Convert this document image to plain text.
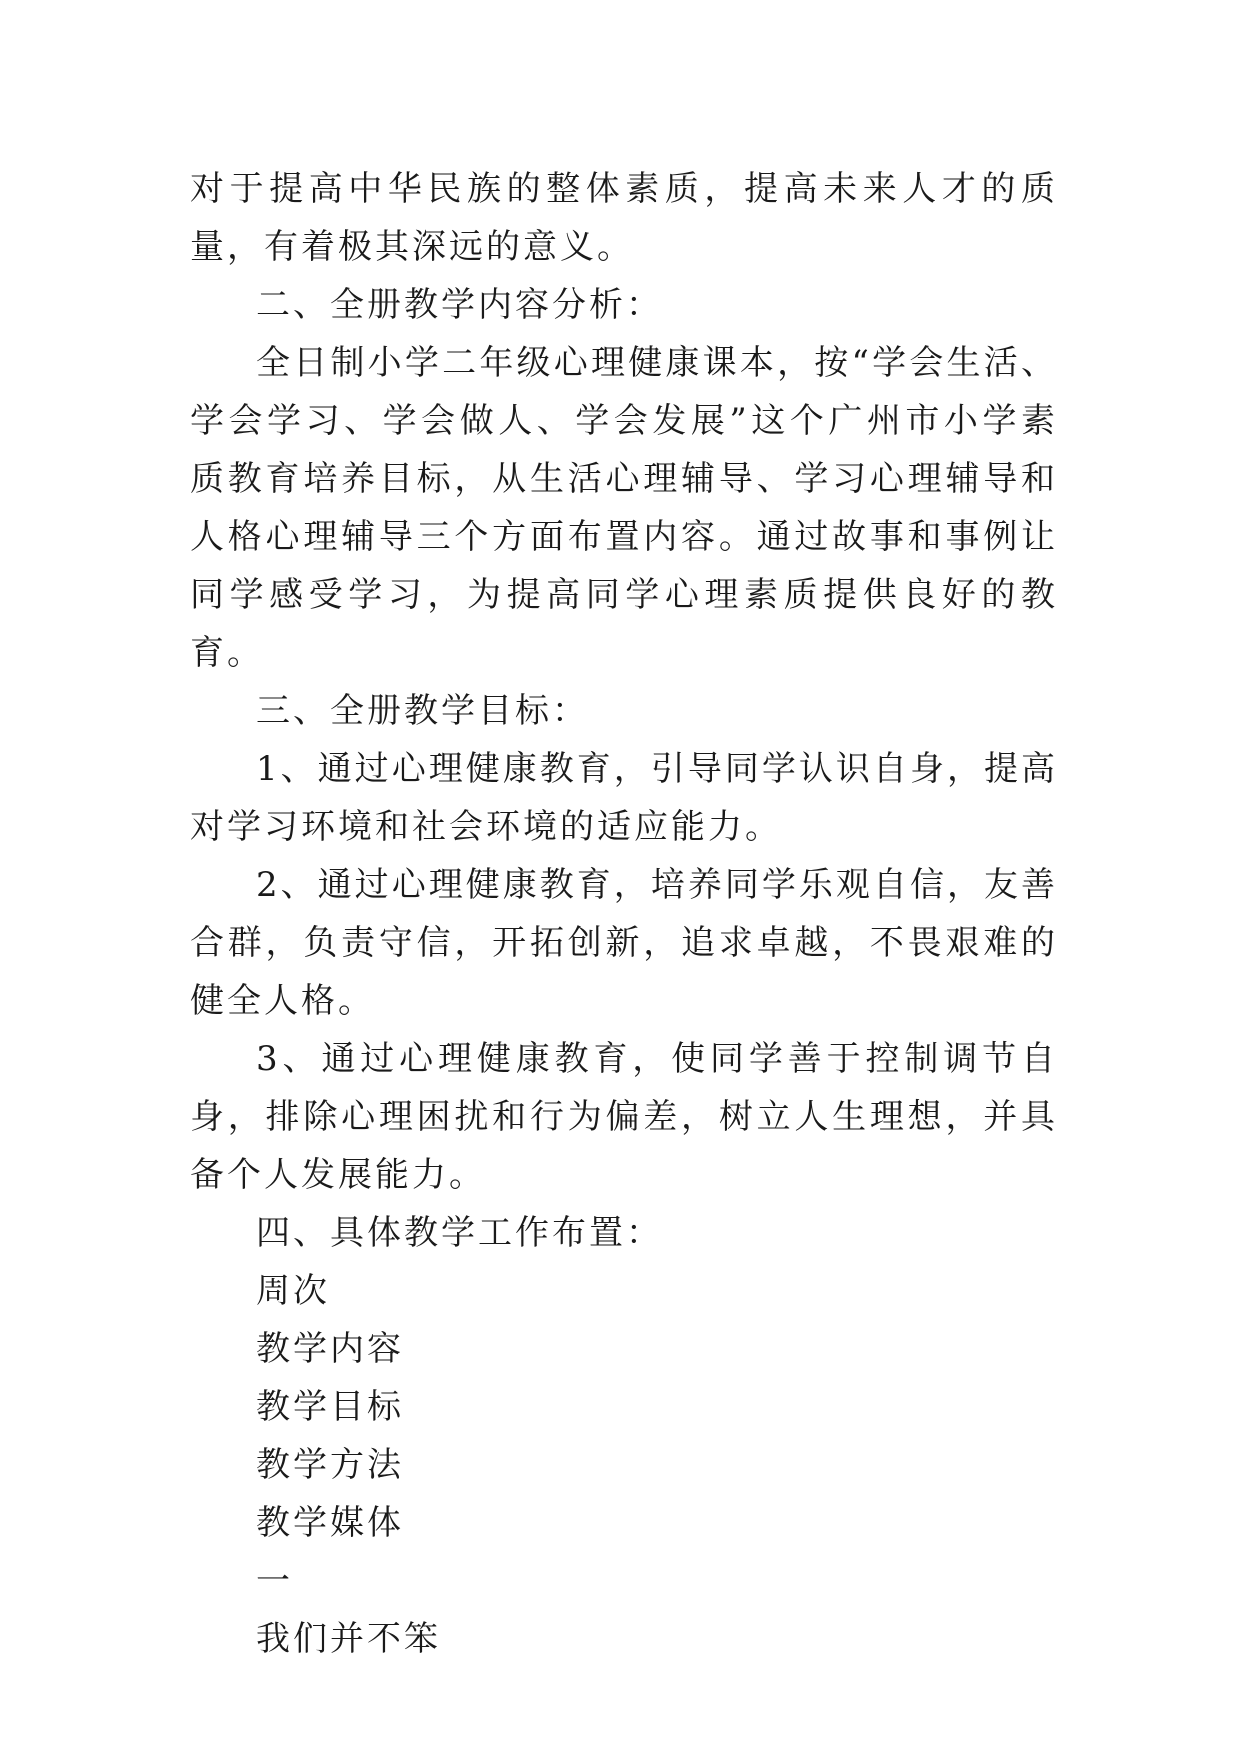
对于提高中华民族的整体素质，提高未来人才的质量，有着极其深远的意义。

二、全册教学内容分析：

全日制小学二年级心理健康课本，按“学会生活、学会学习、学会做人、学会发展”这个广州市小学素质教育培养目标，从生活心理辅导、学习心理辅导和人格心理辅导三个方面布置内容。通过故事和事例让同学感受学习，为提高同学心理素质提供良好的教育。

三、全册教学目标：

1、通过心理健康教育，引导同学认识自身，提高对学习环境和社会环境的适应能力。

2、通过心理健康教育，培养同学乐观自信，友善合群，负责守信，开拓创新，追求卓越，不畏艰难的健全人格。

3、通过心理健康教育，使同学善于控制调节自身，排除心理困扰和行为偏差，树立人生理想，并具备个人发展能力。

四、具体教学工作布置：

周次

教学内容

教学目标

教学方法

教学媒体

一

我们并不笨
